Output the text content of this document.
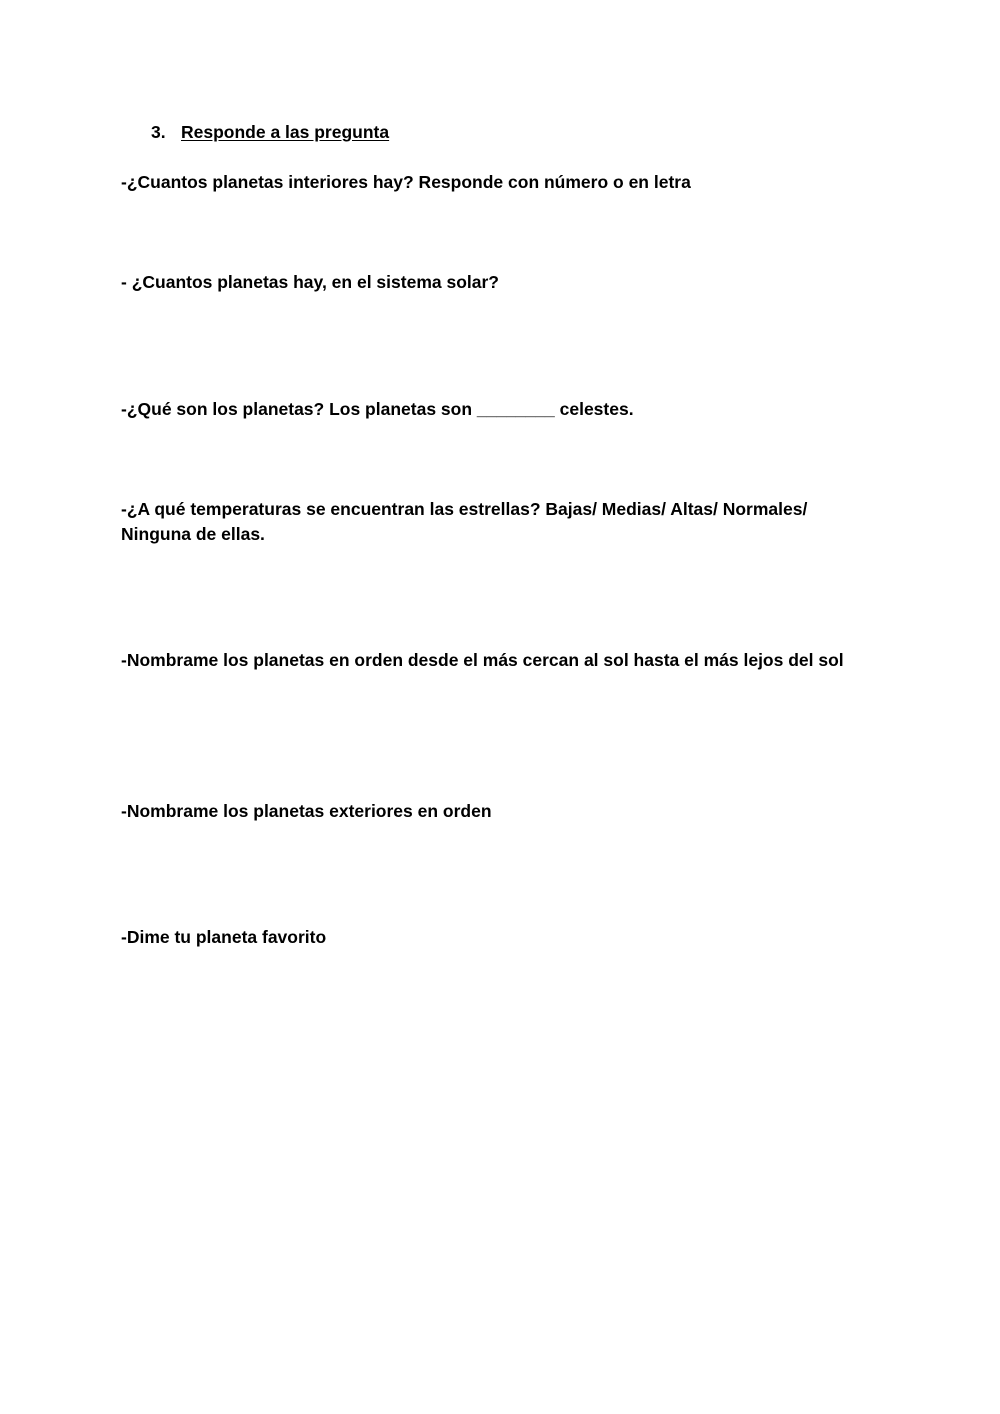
3. Responde a las pregunta
-¿Cuantos planetas interiores hay? Responde con número o en letra
- ¿Cuantos planetas hay, en el sistema solar?
-¿Qué son los planetas? Los planetas son ________ celestes.
-¿A qué temperaturas se encuentran las estrellas? Bajas/ Medias/ Altas/ Normales/ Ninguna de ellas.
-Nombrame los planetas en orden desde el más cercan al sol hasta el más lejos del sol
-Nombrame los planetas exteriores en orden
-Dime tu planeta favorito
